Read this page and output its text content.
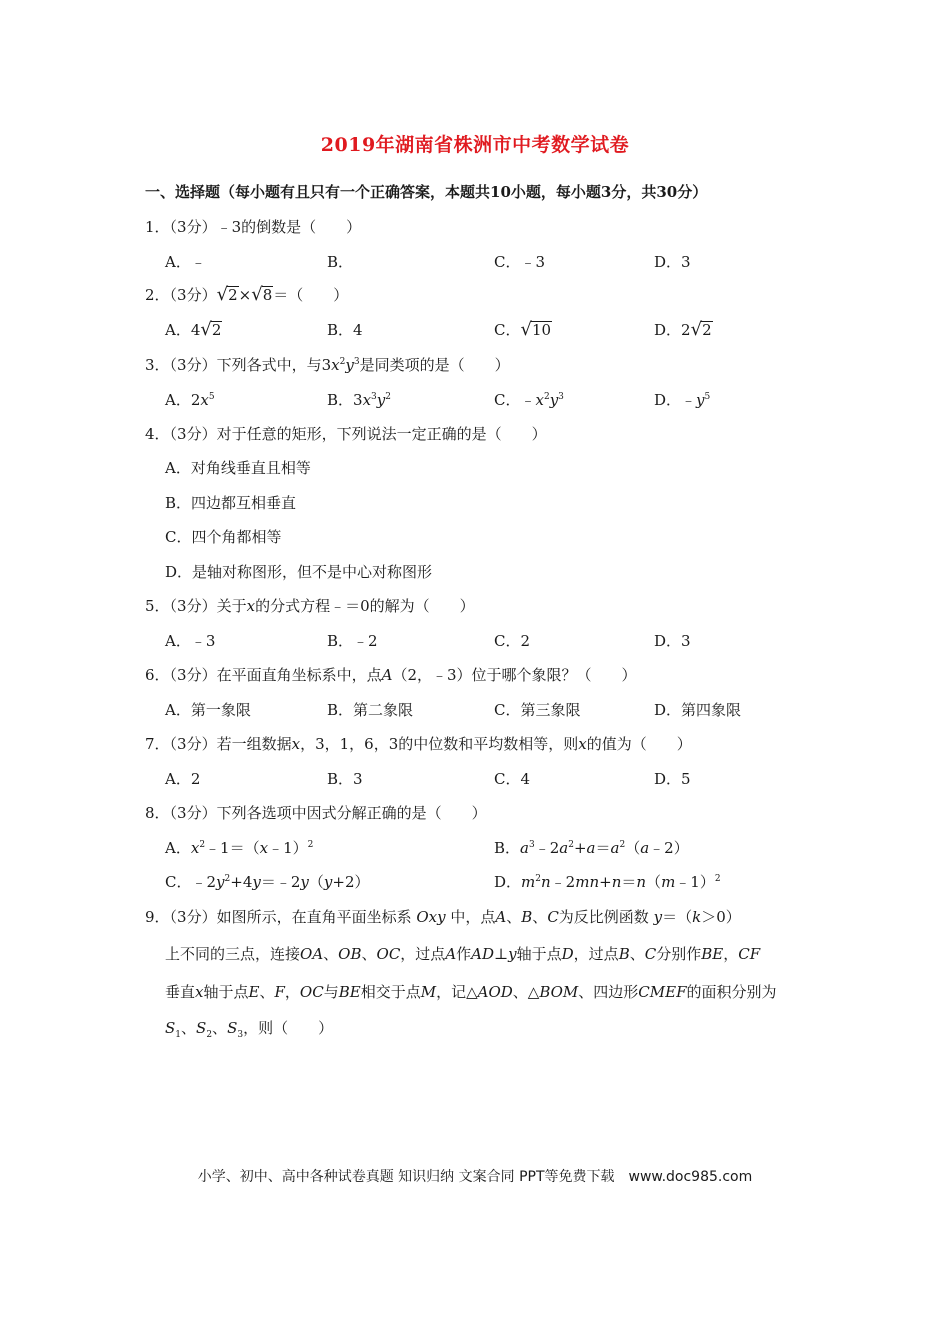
2019年湖南省株洲市中考数学试卷
一、选择题（每小题有且只有一个正确答案，本题共10小题，每小题3分，共30分）
1．（3分）﹣3的倒数是（　　）
A．﹣	B．	C．﹣3	D．3
2．（3分）√2×√8＝（　　）
A．4√2	B．4	C．√10	D．2√2
3．（3分）下列各式中，与$3x^2y^3$是同类项的是（　　）
A．$2x^5$	B．$3x^3y^2$	C．$﹣x^2y^3$	D．$﹣y^5$
4．（3分）对于任意的矩形，下列说法一定正确的是（　　）
A．对角线垂直且相等
B．四边都互相垂直
C．四个角都相等
D．是轴对称图形，但不是中心对称图形
5．（3分）关于x的分式方程﹣＝0的解为（　　）
A．﹣3	B．﹣2	C．2	D．3
6．（3分）在平面直角坐标系中，点A（2，﹣3）位于哪个象限？（　　）
A．第一象限	B．第二象限	C．第三象限	D．第四象限
7．（3分）若一组数据x，3，1，6，3的中位数和平均数相等，则x的值为（　　）
A．2	B．3	C．4	D．5
8．（3分）下列各选项中因式分解正确的是（　　）
A．$x^2﹣1=(x﹣1)^2$	B．$a^3﹣2a^2+a=a^2(a﹣2)$
C．$﹣2y^2+4y=﹣2y(y+2)$	D．$m^2n﹣2mn+n=n(m﹣1)^2$
9．（3分）如图所示，在直角平面坐标系 Oxy 中，点A、B、C为反比例函数 y＝（k＞0）
上不同的三点，连接OA、OB、OC，过点A作AD⊥y轴于点D，过点B、C分别作BE，CF
垂直x轴于点E、F，OC与BE相交于点M，记△AOD、△BOM、四边形CMEF的面积分别为
$S_1$、$S_2$、$S_3$，则（　　）
小学、初中、高中各种试卷真题 知识归纳 文案合同 PPT等免费下载　www.doc985.com
